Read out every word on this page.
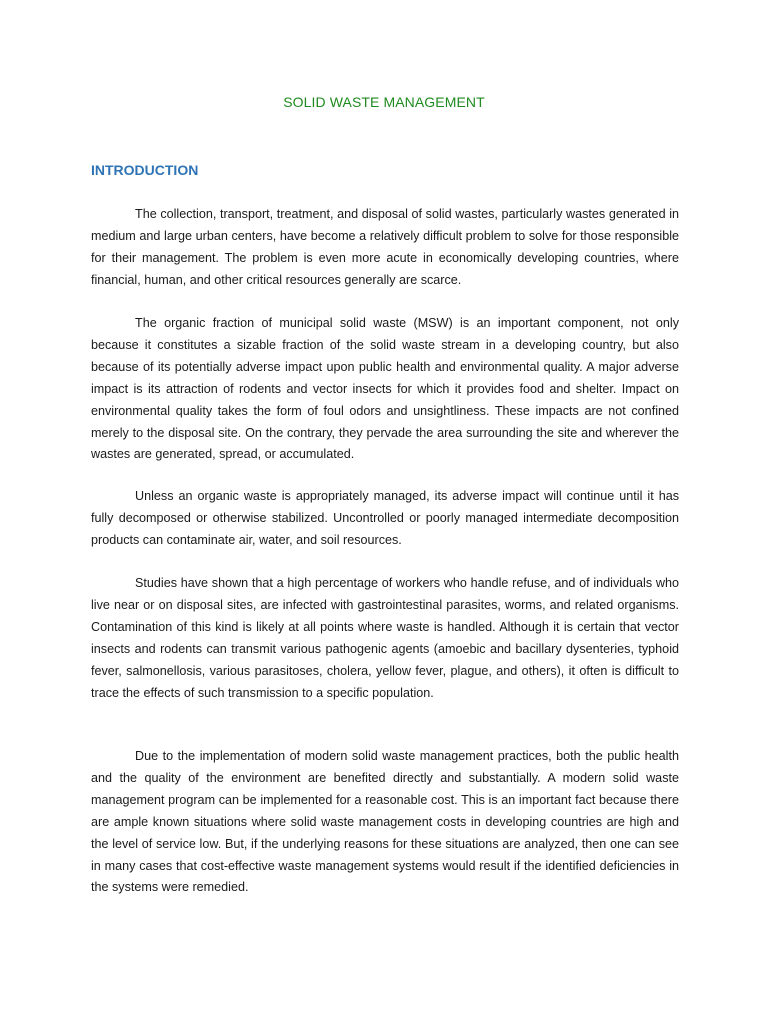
SOLID WASTE MANAGEMENT
INTRODUCTION

The collection, transport, treatment, and disposal of solid wastes, particularly wastes generated in medium and large urban centers, have become a relatively difficult problem to solve for those responsible for their management. The problem is even more acute in economically developing countries, where financial, human, and other critical resources generally are scarce.

The organic fraction of municipal solid waste (MSW) is an important component, not only because it constitutes a sizable fraction of the solid waste stream in a developing country, but also because of its potentially adverse impact upon public health and environmental quality. A major adverse impact is its attraction of rodents and vector insects for which it provides food and shelter. Impact on environmental quality takes the form of foul odors and unsightliness. These impacts are not confined merely to the disposal site. On the contrary, they pervade the area surrounding the site and wherever the wastes are generated, spread, or accumulated.

Unless an organic waste is appropriately managed, its adverse impact will continue until it has fully decomposed or otherwise stabilized. Uncontrolled or poorly managed intermediate decomposition products can contaminate air, water, and soil resources.

Studies have shown that a high percentage of workers who handle refuse, and of individuals who live near or on disposal sites, are infected with gastrointestinal parasites, worms, and related organisms. Contamination of this kind is likely at all points where waste is handled. Although it is certain that vector insects and rodents can transmit various pathogenic agents (amoebic and bacillary dysenteries, typhoid fever, salmonellosis, various parasitoses, cholera, yellow fever, plague, and others), it often is difficult to trace the effects of such transmission to a specific population.

Due to the implementation of modern solid waste management practices, both the public health and the quality of the environment are benefited directly and substantially. A modern solid waste management program can be implemented for a reasonable cost. This is an important fact because there are ample known situations where solid waste management costs in developing countries are high and the level of service low. But, if the underlying reasons for these situations are analyzed, then one can see in many cases that cost-effective waste management systems would result if the identified deficiencies in the systems were remedied.
